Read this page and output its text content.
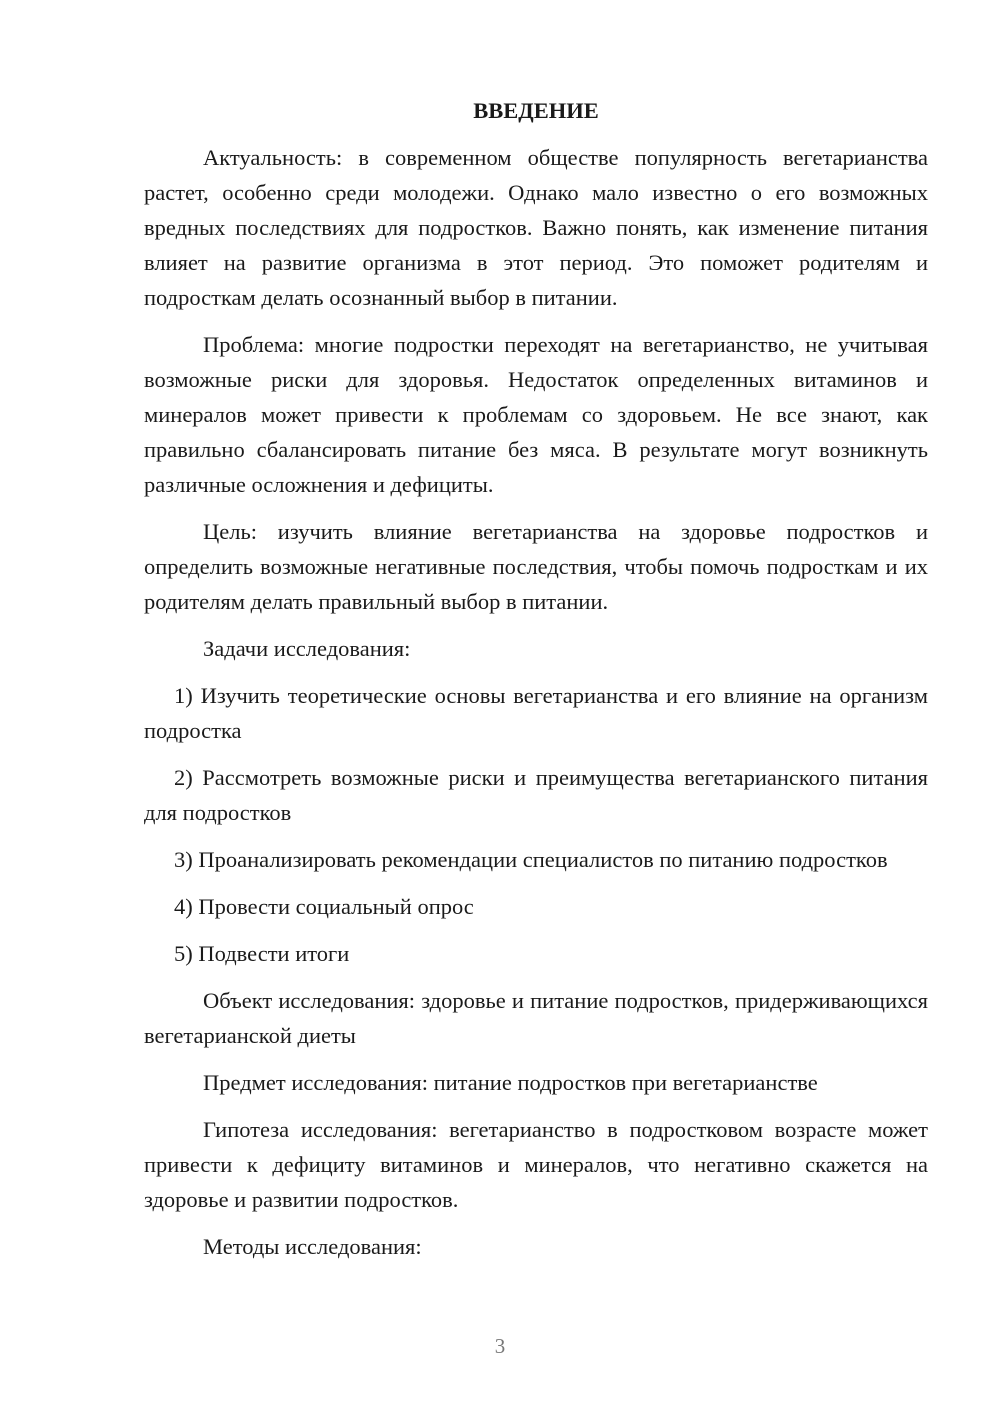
ВВЕДЕНИЕ

Актуальность: в современном обществе популярность вегетарианства растет, особенно среди молодежи. Однако мало известно о его возможных вредных последствиях для подростков. Важно понять, как изменение питания влияет на развитие организма в этот период. Это поможет родителям и подросткам делать осознанный выбор в питании.

Проблема: многие подростки переходят на вегетарианство, не учитывая возможные риски для здоровья. Недостаток определенных витаминов и минералов может привести к проблемам со здоровьем. Не все знают, как правильно сбалансировать питание без мяса. В результате могут возникнуть различные осложнения и дефициты.

Цель: изучить влияние вегетарианства на здоровье подростков и определить возможные негативные последствия, чтобы помочь подросткам и их родителям делать правильный выбор в питании.

Задачи исследования:

1) Изучить теоретические основы вегетарианства и его влияние на организм подростка

2) Рассмотреть возможные риски и преимущества вегетарианского питания для подростков

3) Проанализировать рекомендации специалистов по питанию подростков

4) Провести социальный опрос

5) Подвести итоги

Объект исследования: здоровье и питание подростков, придерживающихся вегетарианской диеты

Предмет исследования: питание подростков при вегетарианстве

Гипотеза исследования: вегетарианство в подростковом возрасте может привести к дефициту витаминов и минералов, что негативно скажется на здоровье и развитии подростков.

Методы исследования:

3
